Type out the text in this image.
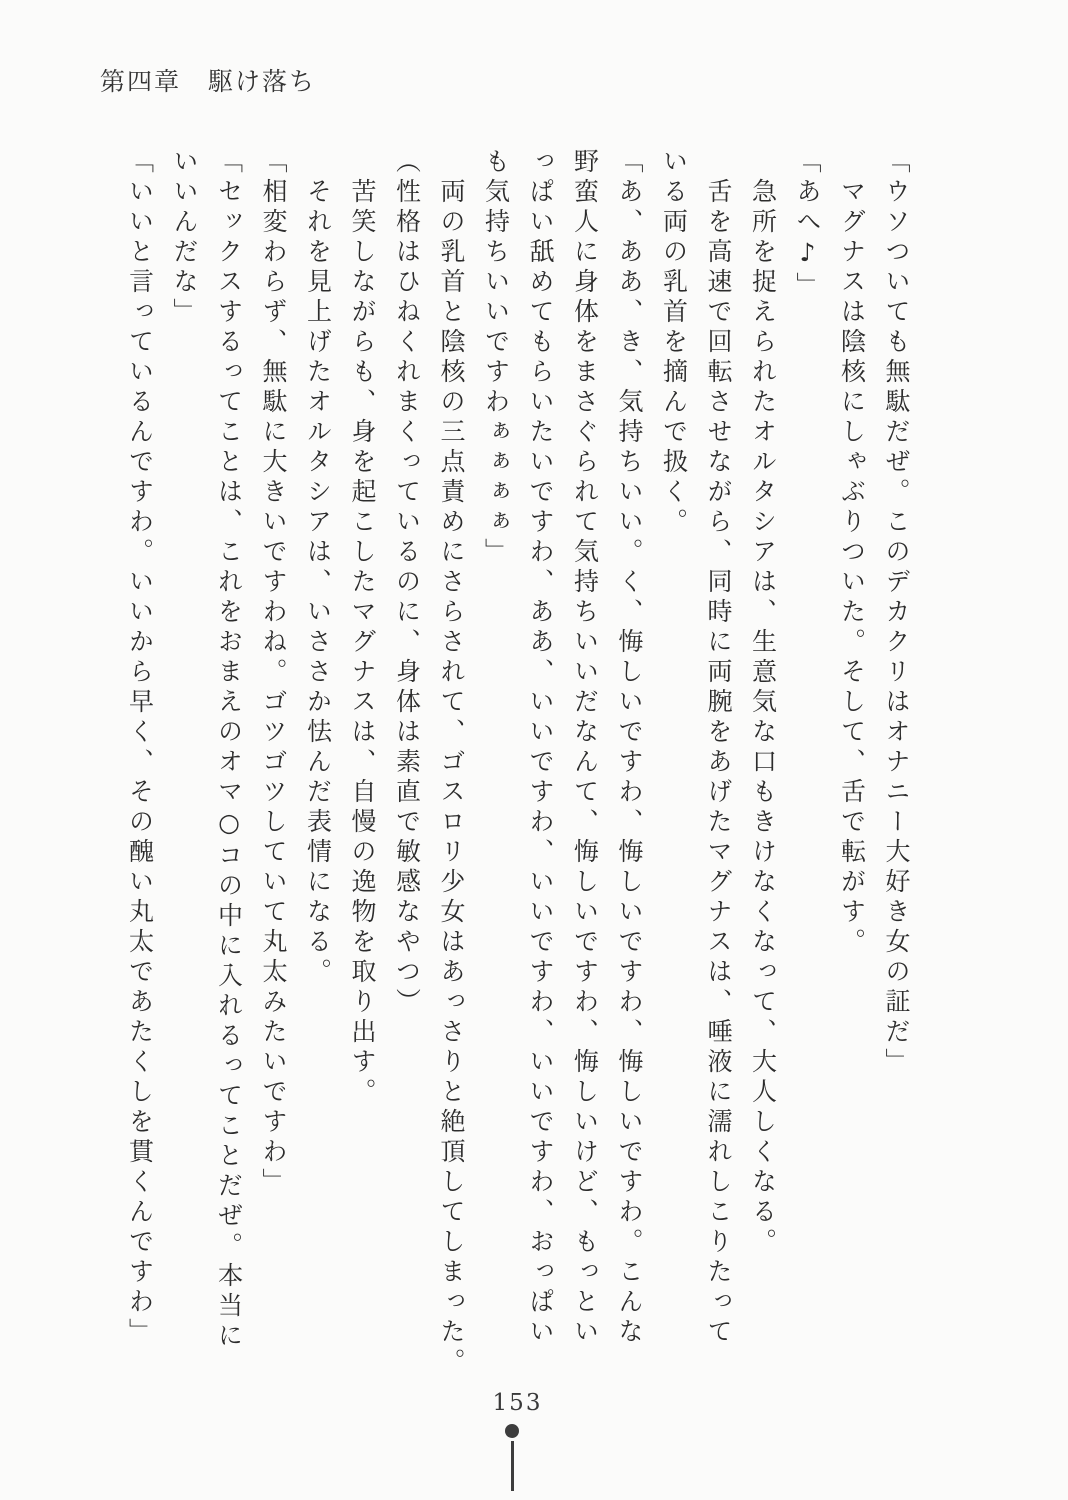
第四章　駆け落ち

「ウソついても無駄だぜ。このデカクリはオナニー大好き女の証だ」

マグナスは陰核にしゃぶりついた。そして、舌で転がす。

「あへ♪」

急所を捉えられたオルタシアは、生意気な口もきけなくなって、大人しくなる。

舌を高速で回転させながら、同時に両腕をあげたマグナスは、唾液に濡れしこりたって

いる両の乳首を摘んで扱く。

「あ、ああ、き、気持ちいい。く、悔しいですわ、悔しいですわ、悔しいですわ。こんな

野蛮人に身体をまさぐられて気持ちいいだなんて、悔しいですわ、悔しいけど、もっとい

っぱい舐めてもらいたいですわ、ああ、いいですわ、いいですわ、いいですわ、おっぱい

も気持ちいいですわぁぁぁぁ」

両の乳首と陰核の三点責めにさらされて、ゴスロリ少女はあっさりと絶頂してしまった。

（性格はひねくれまくっているのに、身体は素直で敏感なやつ）

苦笑しながらも、身を起こしたマグナスは、自慢の逸物を取り出す。

それを見上げたオルタシアは、いささか怯んだ表情になる。

「相変わらず、無駄に大きいですわね。ゴツゴツしていて丸太みたいですわ」

「セックスするってことは、これをおまえのオマ○コの中に入れるってことだぜ。本当に

いいんだな」

「いいと言っているんですわ。いいから早く、その醜い丸太であたくしを貫くんですわ」

153
